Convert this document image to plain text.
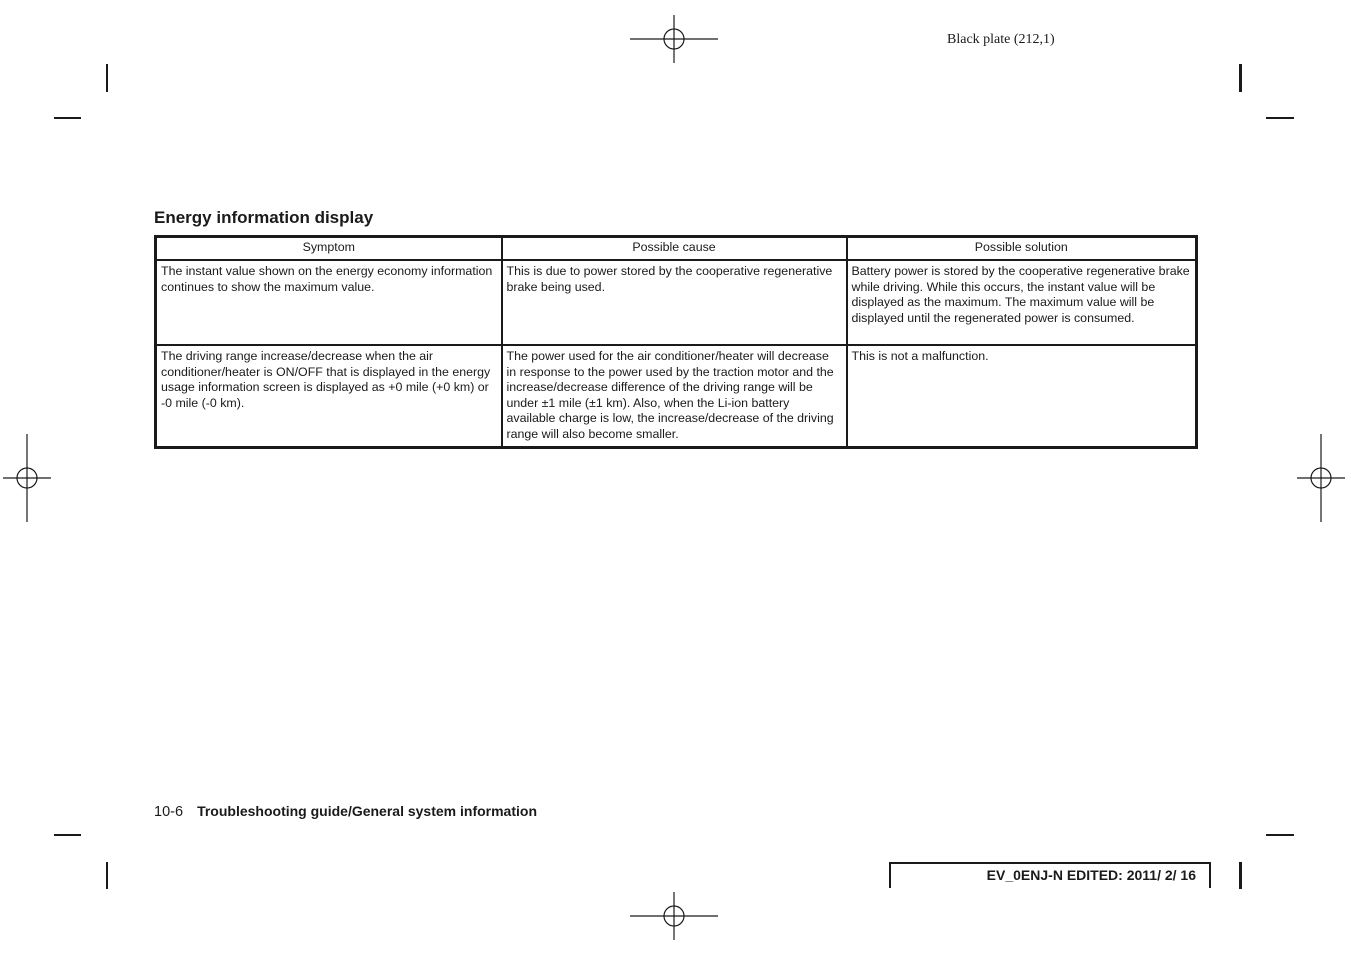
Black plate (212,1)
Energy information display
Symptom	Possible cause	Possible solution
The instant value shown on the energy economy information continues to show the maximum value.	This is due to power stored by the cooperative regenerative brake being used.	Battery power is stored by the cooperative regenerative brake while driving. While this occurs, the instant value will be displayed as the maximum. The maximum value will be displayed until the regenerated power is consumed.
The driving range increase/decrease when the air conditioner/heater is ON/OFF that is displayed in the energy usage information screen is displayed as +0 mile (+0 km) or -0 mile (-0 km).	The power used for the air conditioner/heater will decrease in response to the power used by the traction motor and the increase/decrease difference of the driving range will be under ±1 mile (±1 km). Also, when the Li-ion battery available charge is low, the increase/decrease of the driving range will also become smaller.	This is not a malfunction.
10-6 Troubleshooting guide/General system information
EV_0ENJ-N EDITED: 2011/ 2/ 16
